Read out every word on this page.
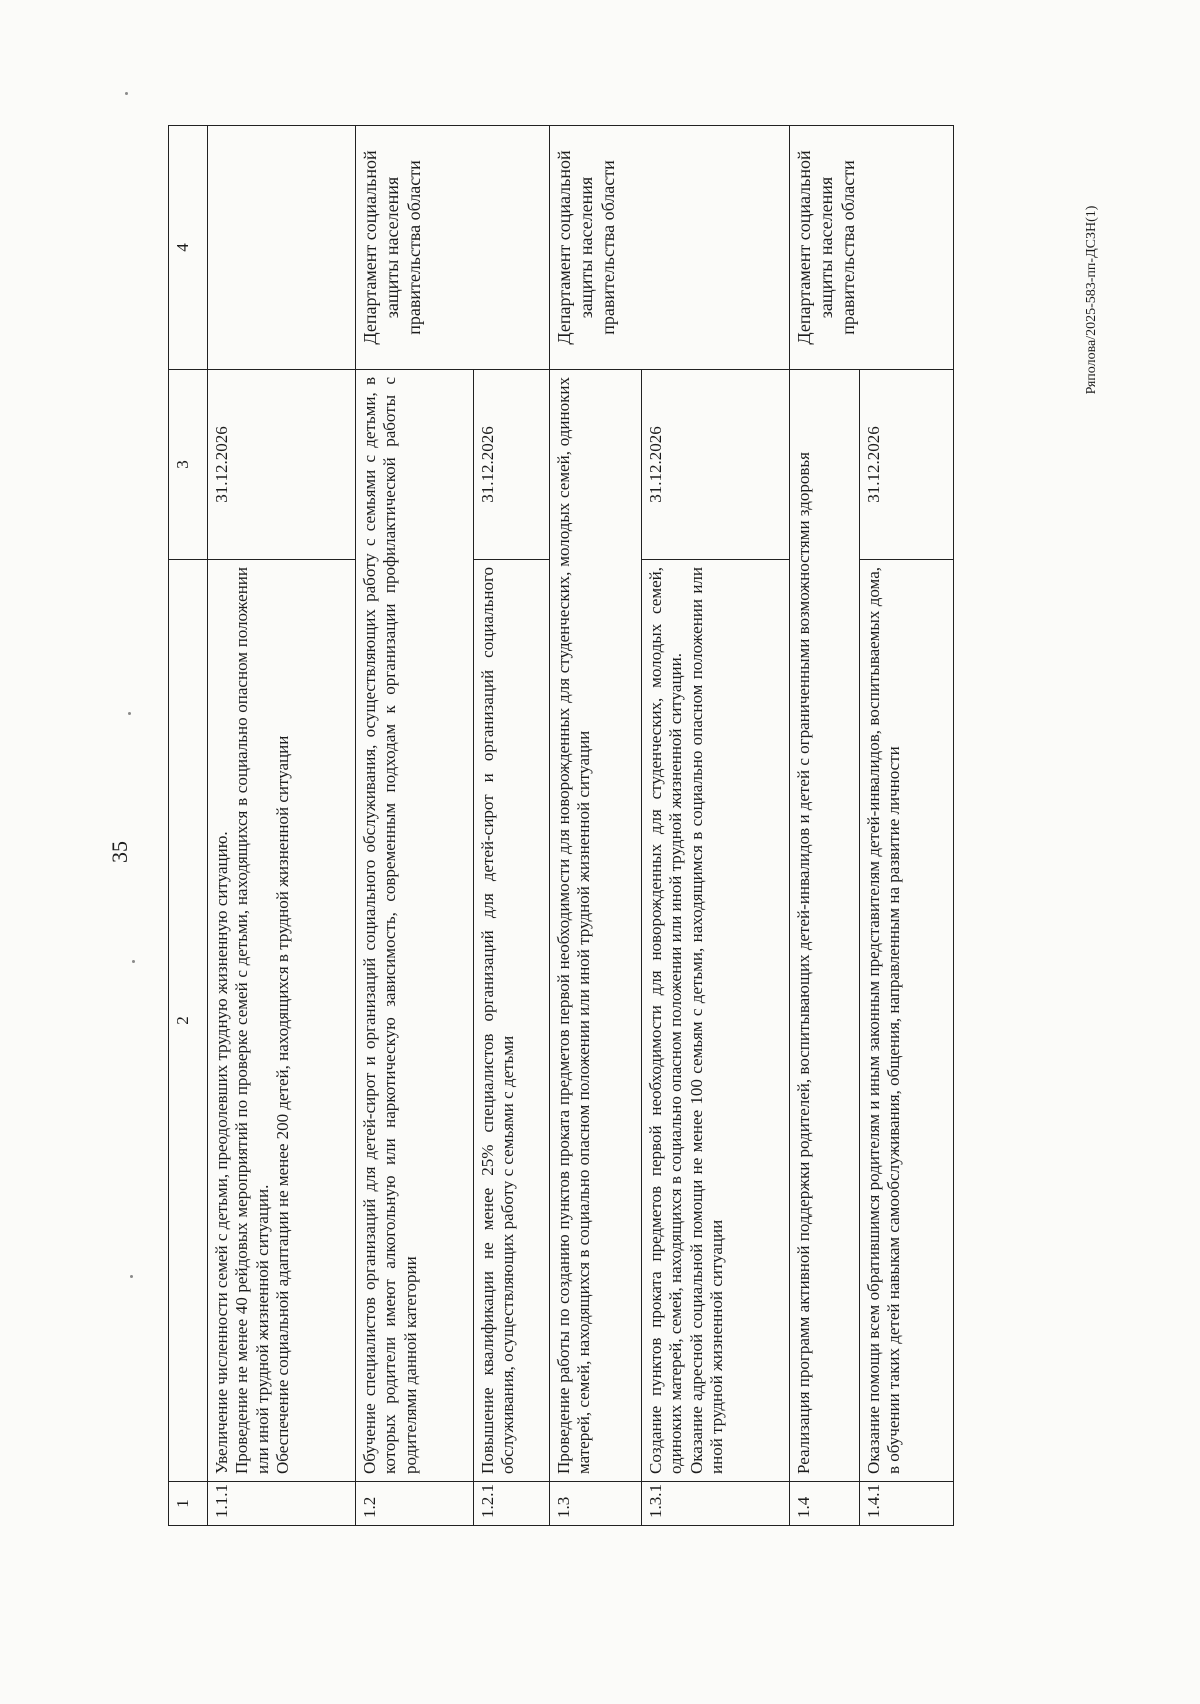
35
Ряполова/2025-583-пп-ДСЗН(1)
1	2	3	4
1.1.1	Увеличение численности семей с детьми, преодолевших трудную жизненную ситуацию. Проведение не менее 40 рейдовых мероприятий по проверке семей с детьми, находящихся в социально опасном положении или иной трудной жизненной ситуации. Обеспечение социальной адаптации не менее 200 детей, находящихся в трудной жизненной ситуации	31.12.2026	
1.2	Обучение специалистов организаций для детей-сирот и организаций социального обслуживания, осуществляющих работу с семьями с детьми, в которых родители имеют алкогольную или наркотическую зависимость, современным подходам к организации профилактической работы с родителями данной категории		Департамент социальной защиты населения правительства области
1.2.1	Повышение квалификации не менее 25% специалистов организаций для детей-сирот и организаций социального обслуживания, осуществляющих работу с семьями с детьми	31.12.2026	
1.3	Проведение работы по созданию пунктов проката предметов первой необходимости для новорожденных для студенческих, молодых семей, одиноких матерей, семей, находящихся в социально опасном положении или иной трудной жизненной ситуации		Департамент социальной защиты населения правительства области
1.3.1	Создание пунктов проката предметов первой необходимости для новорожденных для студенческих, молодых семей, одиноких матерей, семей, находящихся в социально опасном положении или иной трудной жизненной ситуации. Оказание адресной социальной помощи не менее 100 семьям с детьми, находящимся в социально опасном положении или иной трудной жизненной ситуации	31.12.2026	
1.4	Реализация программ активной поддержки родителей, воспитывающих детей-инвалидов и детей с ограниченными возможностями здоровья		Департамент социальной защиты населения правительства области
1.4.1	Оказание помощи всем обратившимся родителям и иным законным представителям детей-инвалидов, воспитываемых дома, в обучении таких детей навыкам самообслуживания, общения, направленным на развитие личности	31.12.2026	
